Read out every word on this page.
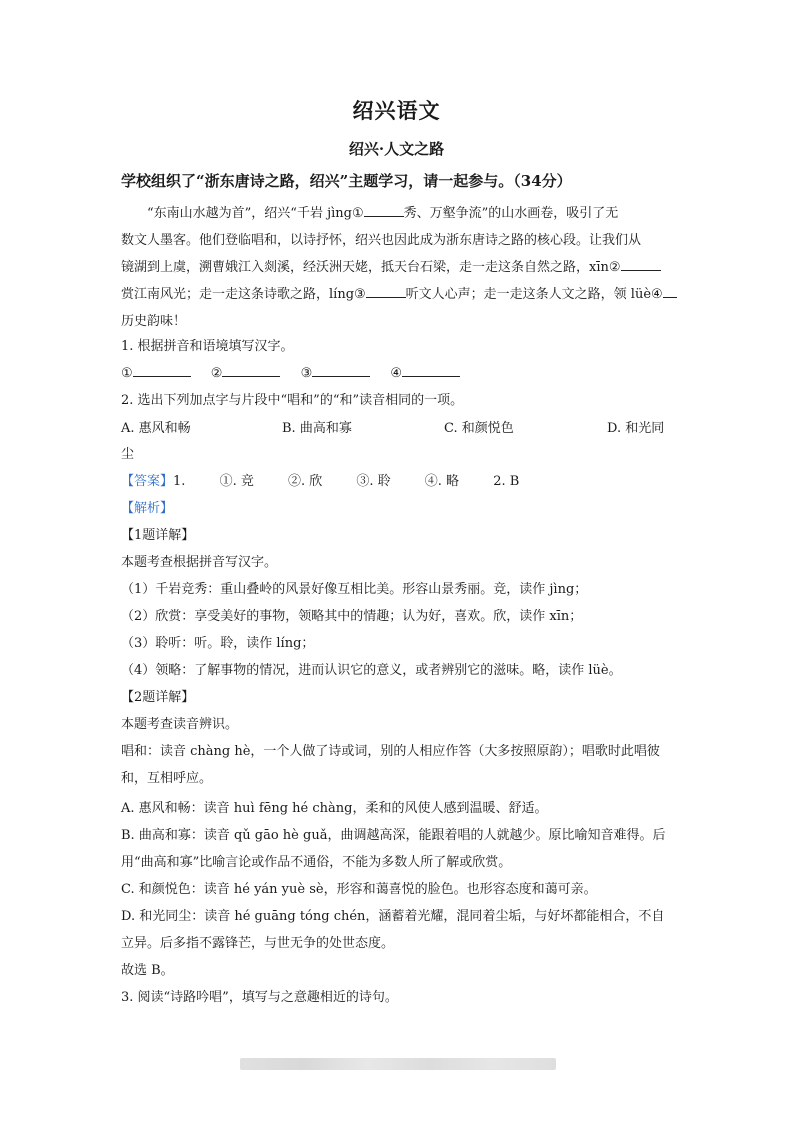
绍兴语文
绍兴·人文之路
学校组织了“浙东唐诗之路，绍兴”主题学习，请一起参与。（34分）

“东南山水越为首”，绍兴“千岩 jìng①	秀、万壑争流”的山水画卷，吸引了无

数文人墨客。他们登临唱和，以诗抒怀，绍兴也因此成为浙东唐诗之路的核心段。让我们从
镜湖到上虞，溯曹娥江入剡溪，经沃洲天姥，抵天台石梁，走一走这条自然之路，xīn②
赏江南风光；走一走这条诗歌之路，líng③	听文人心声；走一走这条人文之路，领 lüè④
历史韵味！
1. 根据拼音和语境填写汉字。
①	②	③	④
2. 选出下列加点字与片段中“唱和”的“和”读音相同的一项。
A. 惠风和畅	B. 曲高和寡	C. 和颜悦色	D. 和光同
尘
【答案】1.	①. 竞	②. 欣	③. 聆	④. 略	2. B
【解析】
【1题详解】
本题考查根据拼音写汉字。
（1）千岩竞秀：重山叠岭的风景好像互相比美。形容山景秀丽。竞，读作 jìng；
（2）欣赏：享受美好的事物，领略其中的情趣；认为好，喜欢。欣，读作 xīn；
（3）聆听：听。聆，读作 líng；
（4）领略：了解事物的情况，进而认识它的意义，或者辨别它的滋味。略，读作 lüè。
【2题详解】
本题考查读音辨识。
唱和：读音 chàng hè，一个人做了诗或词，别的人相应作答（大多按照原韵）；唱歌时此唱彼和，互相呼应。
A. 惠风和畅：读音 huì fēng hé chàng，柔和的风使人感到温暖、舒适。
B. 曲高和寡：读音 qǔ gāo hè guǎ，曲调越高深，能跟着唱的人就越少。原比喻知音难得。后用“曲高和寡”比喻言论或作品不通俗，不能为多数人所了解或欣赏。
C. 和颜悦色：读音 hé yán yuè sè，形容和蔼喜悦的脸色。也形容态度和蔼可亲。
D. 和光同尘：读音 hé guāng tóng chén，涵蓄着光耀，混同着尘垢，与好坏都能相合，不自立异。后多指不露锋芒，与世无争的处世态度。
故选 B。
3. 阅读“诗路吟唱”，填写与之意趣相近的诗句。
